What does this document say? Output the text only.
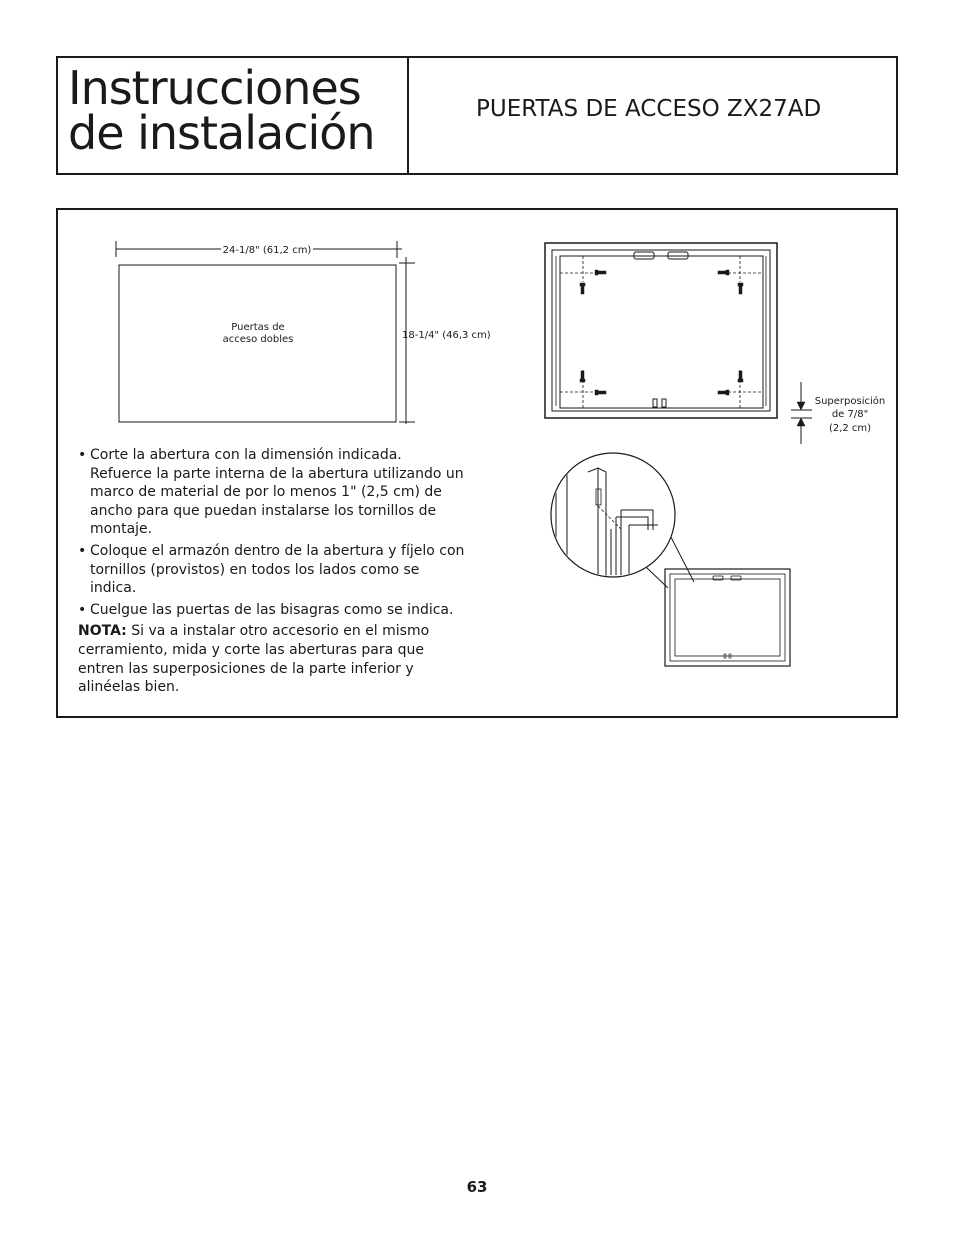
Instrucciones
de instalación	PUERTAS DE ACCESO ZX27AD
24-1/8" (61,2 cm)
18-1/4" (46,3 cm)
Puertas de
acceso dobles
Superposición
de 7/8"
(2,2 cm)

• Corte la abertura con la dimensión indicada. Refuerce la parte interna de la abertura utilizando un marco de material de por lo menos 1" (2,5 cm) de ancho para que puedan instalarse los tornillos de montaje.

• Coloque el armazón dentro de la abertura y fíjelo con tornillos (provistos) en todos los lados como se indica.

• Cuelgue las puertas de las bisagras como se indica.

NOTA: Si va a instalar otro accesorio en el mismo cerramiento, mida y corte las aberturas para que entren las superposiciones de la parte inferior y alinéelas bien.

63
